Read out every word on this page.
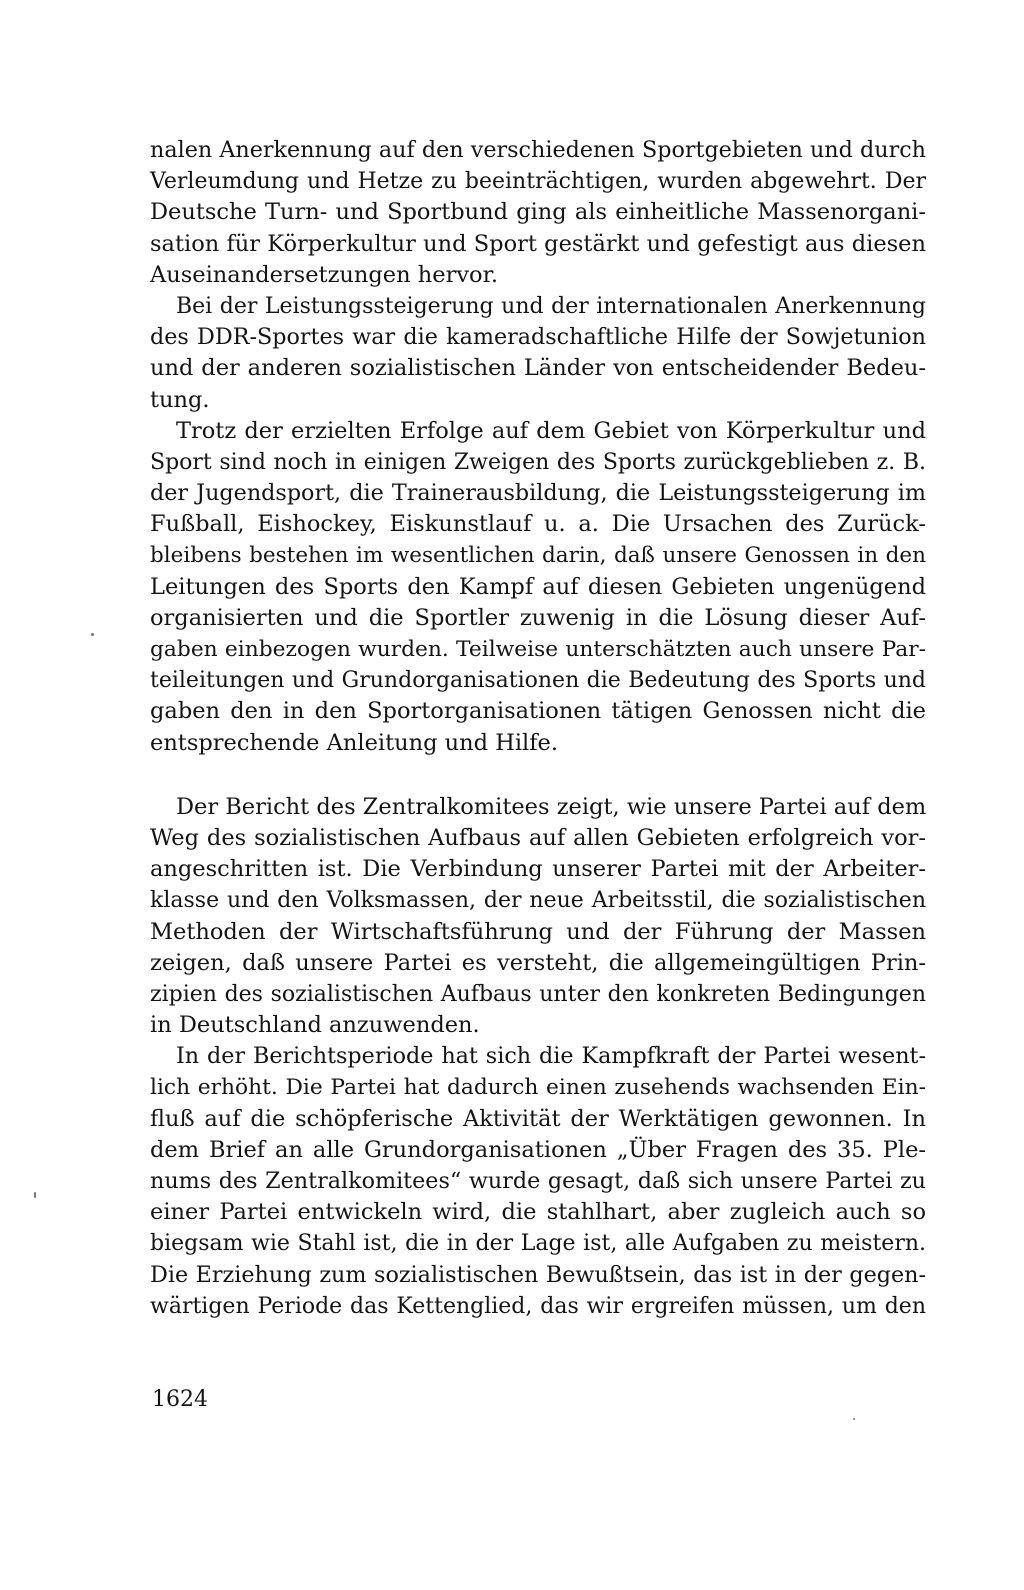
nalen Anerkennung auf den verschiedenen Sportgebieten und durch
Verleumdung und Hetze zu beeinträchtigen, wurden abgewehrt. Der
Deutsche Turn- und Sportbund ging als einheitliche Massenorgani-
sation für Körperkultur und Sport gestärkt und gefestigt aus diesen
Auseinandersetzungen hervor.
Bei der Leistungssteigerung und der internationalen Anerkennung
des DDR-Sportes war die kameradschaftliche Hilfe der Sowjetunion
und der anderen sozialistischen Länder von entscheidender Bedeu-
tung.
Trotz der erzielten Erfolge auf dem Gebiet von Körperkultur und
Sport sind noch in einigen Zweigen des Sports zurückgeblieben z. B.
der Jugendsport, die Trainerausbildung, die Leistungssteigerung im
Fußball, Eishockey, Eiskunstlauf u. a. Die Ursachen des Zurück-
bleibens bestehen im wesentlichen darin, daß unsere Genossen in den
Leitungen des Sports den Kampf auf diesen Gebieten ungenügend
organisierten und die Sportler zuwenig in die Lösung dieser Auf-
gaben einbezogen wurden. Teilweise unterschätzten auch unsere Par-
teileitungen und Grundorganisationen die Bedeutung des Sports und
gaben den in den Sportorganisationen tätigen Genossen nicht die
entsprechende Anleitung und Hilfe.
Der Bericht des Zentralkomitees zeigt, wie unsere Partei auf dem
Weg des sozialistischen Aufbaus auf allen Gebieten erfolgreich vor-
angeschritten ist. Die Verbindung unserer Partei mit der Arbeiter-
klasse und den Volksmassen, der neue Arbeitsstil, die sozialistischen
Methoden der Wirtschaftsführung und der Führung der Massen
zeigen, daß unsere Partei es versteht, die allgemeingültigen Prin-
zipien des sozialistischen Aufbaus unter den konkreten Bedingungen
in Deutschland anzuwenden.
In der Berichtsperiode hat sich die Kampfkraft der Partei wesent-
lich erhöht. Die Partei hat dadurch einen zusehends wachsenden Ein-
fluß auf die schöpferische Aktivität der Werktätigen gewonnen. In
dem Brief an alle Grundorganisationen „Über Fragen des 35. Ple-
nums des Zentralkomitees“ wurde gesagt, daß sich unsere Partei zu
einer Partei entwickeln wird, die stahlhart, aber zugleich auch so
biegsam wie Stahl ist, die in der Lage ist, alle Aufgaben zu meistern.
Die Erziehung zum sozialistischen Bewußtsein, das ist in der gegen-
wärtigen Periode das Kettenglied, das wir ergreifen müssen, um den
1624
